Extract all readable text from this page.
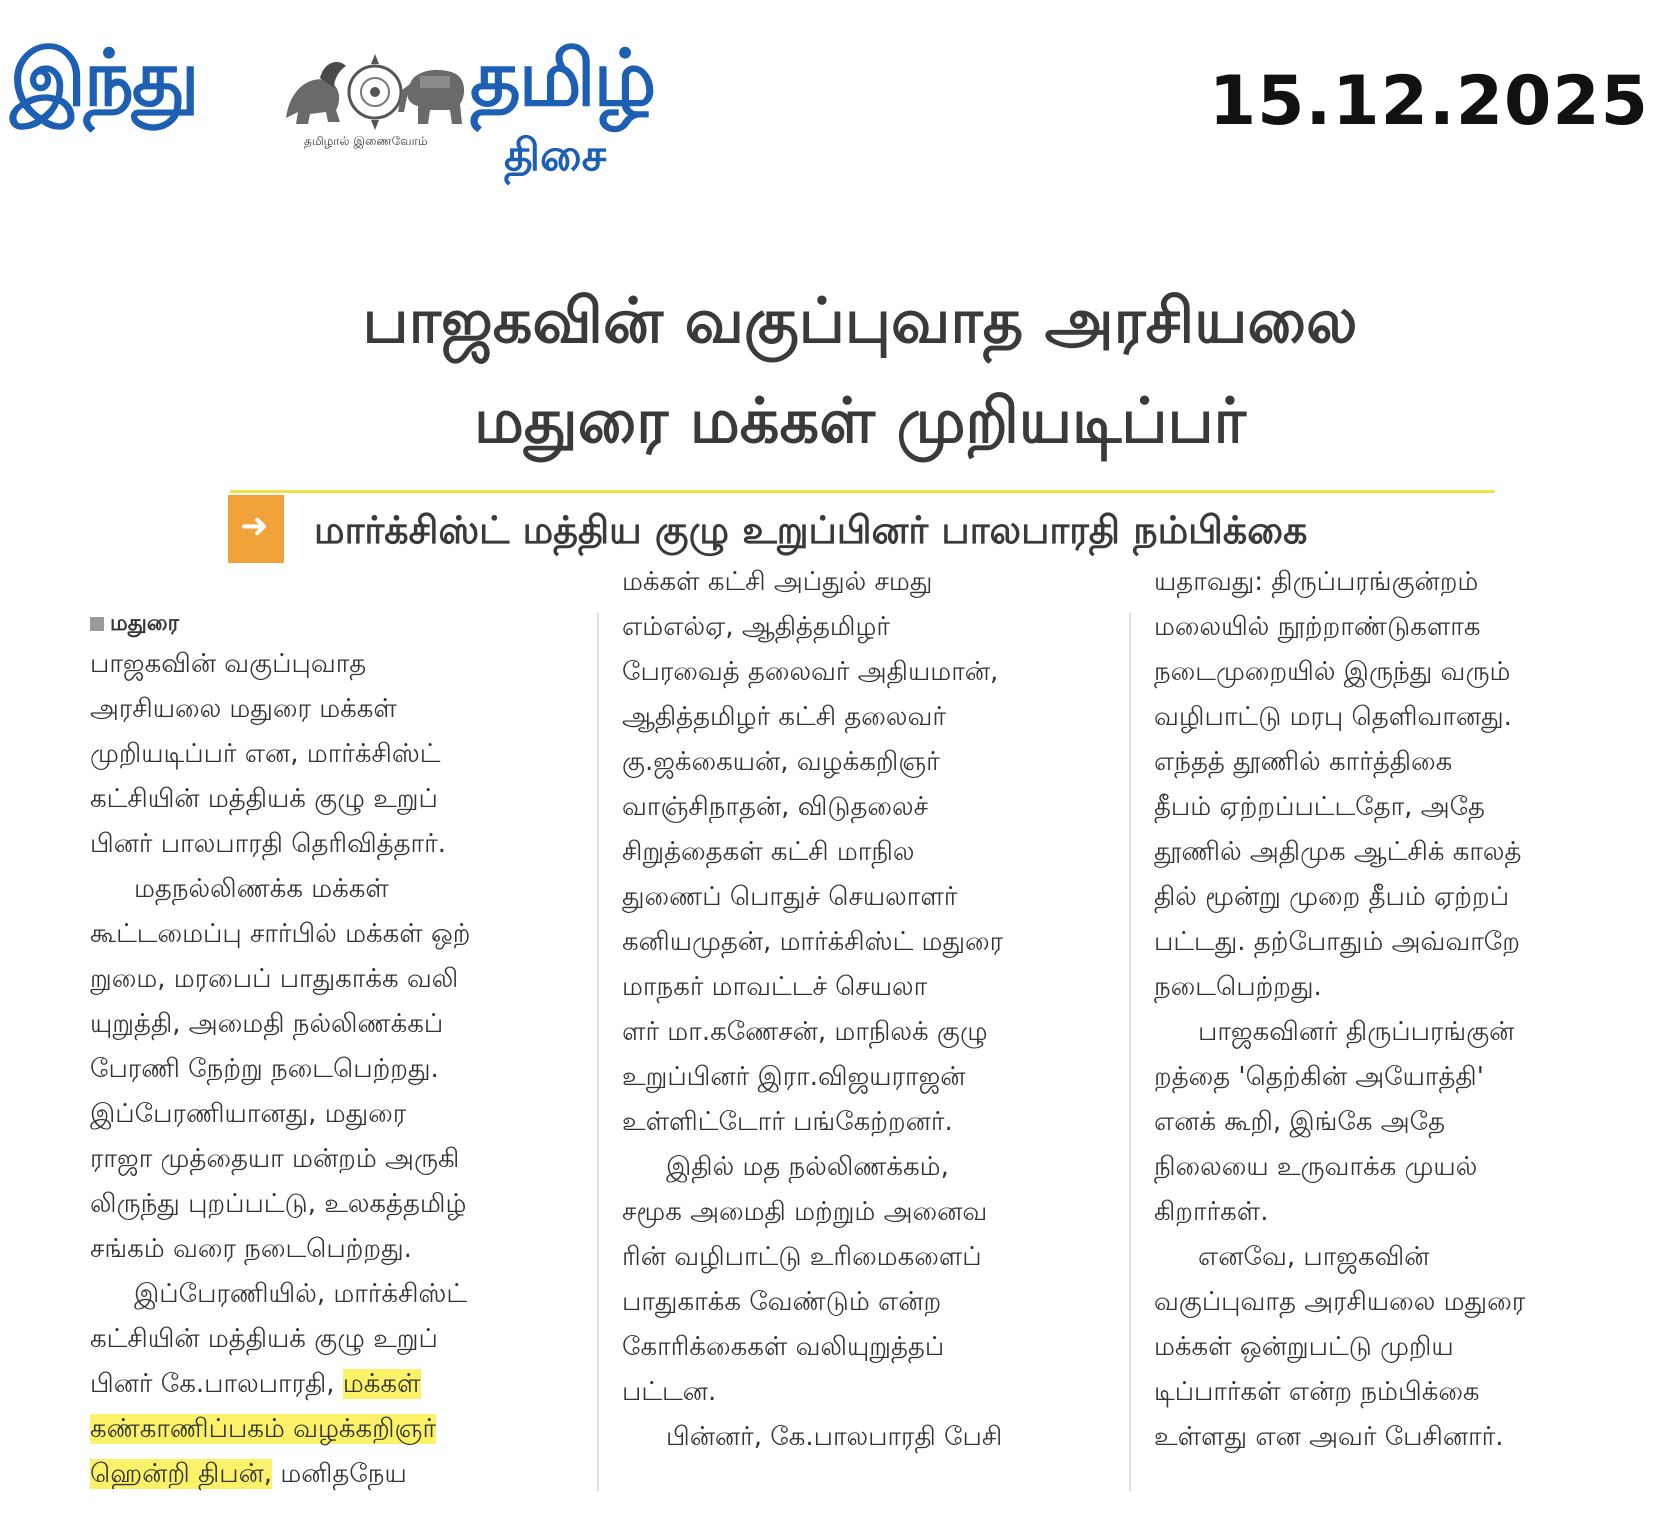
இந்து
தமிழால் இணைவோம்
தமிழ்
திசை
15.12.2025
பாஜகவின் வகுப்புவாத அரசியலை
மதுரை மக்கள் முறியடிப்பர்
➜ மார்க்சிஸ்ட் மத்திய குழு உறுப்பினர் பாலபாரதி நம்பிக்கை
மதுரை
பாஜகவின் வகுப்புவாத
அரசியலை மதுரை மக்கள்
முறியடிப்பர் என, மார்க்சிஸ்ட்
கட்சியின் மத்தியக் குழு உறுப்
பினர் பாலபாரதி தெரிவித்தார்.
மதநல்லிணக்க மக்கள்
கூட்டமைப்பு சார்பில் மக்கள் ஒற்
றுமை, மரபைப் பாதுகாக்க வலி
யுறுத்தி, அமைதி நல்லிணக்கப்
பேரணி நேற்று நடைபெற்றது.
இப்பேரணியானது, மதுரை
ராஜா முத்தையா மன்றம் அருகி
லிருந்து புறப்பட்டு, உலகத்தமிழ்
சங்கம் வரை நடைபெற்றது.
இப்பேரணியில், மார்க்சிஸ்ட்
கட்சியின் மத்தியக் குழு உறுப்
பினர் கே.பாலபாரதி, மக்கள்
கண்காணிப்பகம் வழக்கறிஞர்
ஹென்றி திபன், மனிதநேய
மக்கள் கட்சி அப்துல் சமது
எம்எல்ஏ, ஆதித்தமிழர்
பேரவைத் தலைவர் அதியமான்,
ஆதித்தமிழர் கட்சி தலைவர்
கு.ஜக்கையன், வழக்கறிஞர்
வாஞ்சிநாதன், விடுதலைச்
சிறுத்தைகள் கட்சி மாநில
துணைப் பொதுச் செயலாளர்
கனியமுதன், மார்க்சிஸ்ட் மதுரை
மாநகர் மாவட்டச் செயலா
ளர் மா.கணேசன், மாநிலக் குழு
உறுப்பினர் இரா.விஜயராஜன்
உள்ளிட்டோர் பங்கேற்றனர்.
இதில் மத நல்லிணக்கம்,
சமூக அமைதி மற்றும் அனைவ
ரின் வழிபாட்டு உரிமைகளைப்
பாதுகாக்க வேண்டும் என்ற
கோரிக்கைகள் வலியுறுத்தப்
பட்டன.
பின்னர், கே.பாலபாரதி பேசி
யதாவது: திருப்பரங்குன்றம்
மலையில் நூற்றாண்டுகளாக
நடைமுறையில் இருந்து வரும்
வழிபாட்டு மரபு தெளிவானது.
எந்தத் தூணில் கார்த்திகை
தீபம் ஏற்றப்பட்டதோ, அதே
தூணில் அதிமுக ஆட்சிக் காலத்
தில் மூன்று முறை தீபம் ஏற்றப்
பட்டது. தற்போதும் அவ்வாறே
நடைபெற்றது.
பாஜகவினர் திருப்பரங்குன்
றத்தை 'தெற்கின் அயோத்தி'
எனக் கூறி, இங்கே அதே
நிலையை உருவாக்க முயல்
கிறார்கள்.
எனவே, பாஜகவின்
வகுப்புவாத அரசியலை மதுரை
மக்கள் ஒன்றுபட்டு முறிய
டிப்பார்கள் என்ற நம்பிக்கை
உள்ளது என அவர் பேசினார்.
